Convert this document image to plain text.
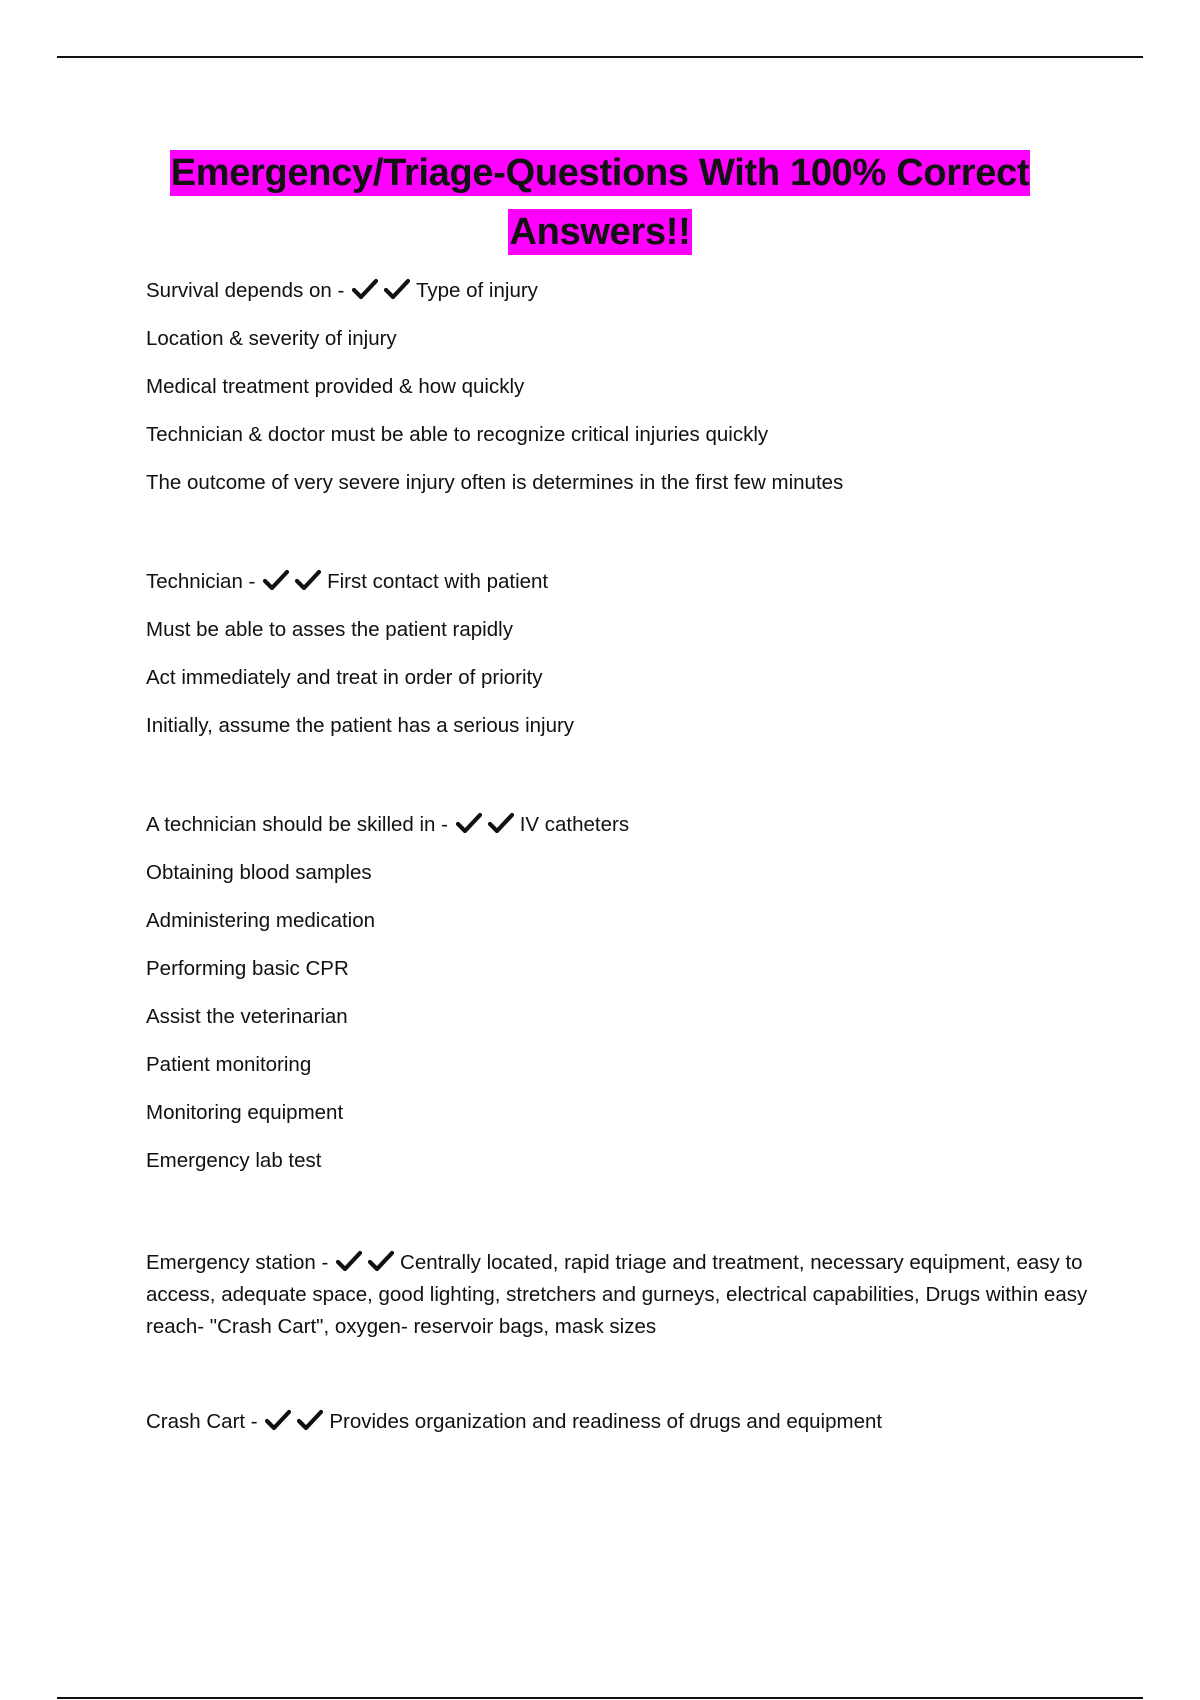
Emergency/Triage-Questions With 100% Correct
Answers!!

Survival depends on -	Type of injury

Location & severity of injury

Medical treatment provided & how quickly

Technician & doctor must be able to recognize critical injuries quickly

The outcome of very severe injury often is determines in the first few minutes

Technician -	First contact with patient

Must be able to asses the patient rapidly

Act immediately and treat in order of priority

Initially, assume the patient has a serious injury

A technician should be skilled in -	IV catheters

Obtaining blood samples

Administering medication

Performing basic CPR

Assist the veterinarian

Patient monitoring

Monitoring equipment

Emergency lab test

Emergency station -	Centrally located, rapid triage and treatment, necessary equipment, easy to access, adequate space, good lighting, stretchers and gurneys, electrical capabilities, Drugs within easy reach- "Crash Cart", oxygen- reservoir bags, mask sizes

Crash Cart -	Provides organization and readiness of drugs and equipment
